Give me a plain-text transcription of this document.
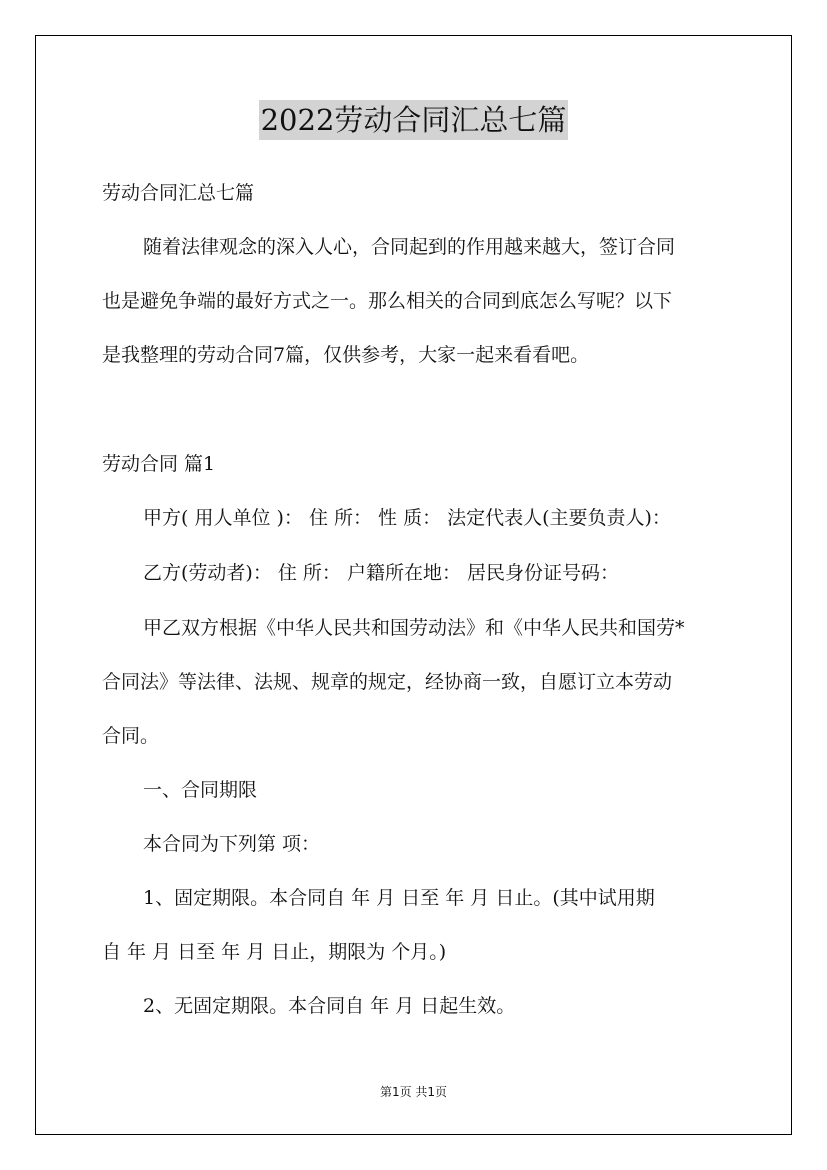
2022劳动合同汇总七篇
劳动合同汇总七篇
随着法律观念的深入人心，合同起到的作用越来越大，签订合同
也是避免争端的最好方式之一。那么相关的合同到底怎么写呢？以下
是我整理的劳动合同7篇，仅供参考，大家一起来看看吧。
劳动合同 篇1
甲方( 用人单位 )： 住 所： 性 质： 法定代表人(主要负责人)：
乙方(劳动者)： 住 所： 户籍所在地： 居民身份证号码：
甲乙双方根据《中华人民共和国劳动法》和《中华人民共和国劳*
合同法》等法律、法规、规章的规定，经协商一致，自愿订立本劳动
合同。
一、合同期限
本合同为下列第 项：
1、固定期限。本合同自 年 月 日至 年 月 日止。(其中试用期
自 年 月 日至 年 月 日止，期限为 个月。)
2、无固定期限。本合同自 年 月 日起生效。
第1页 共1页
